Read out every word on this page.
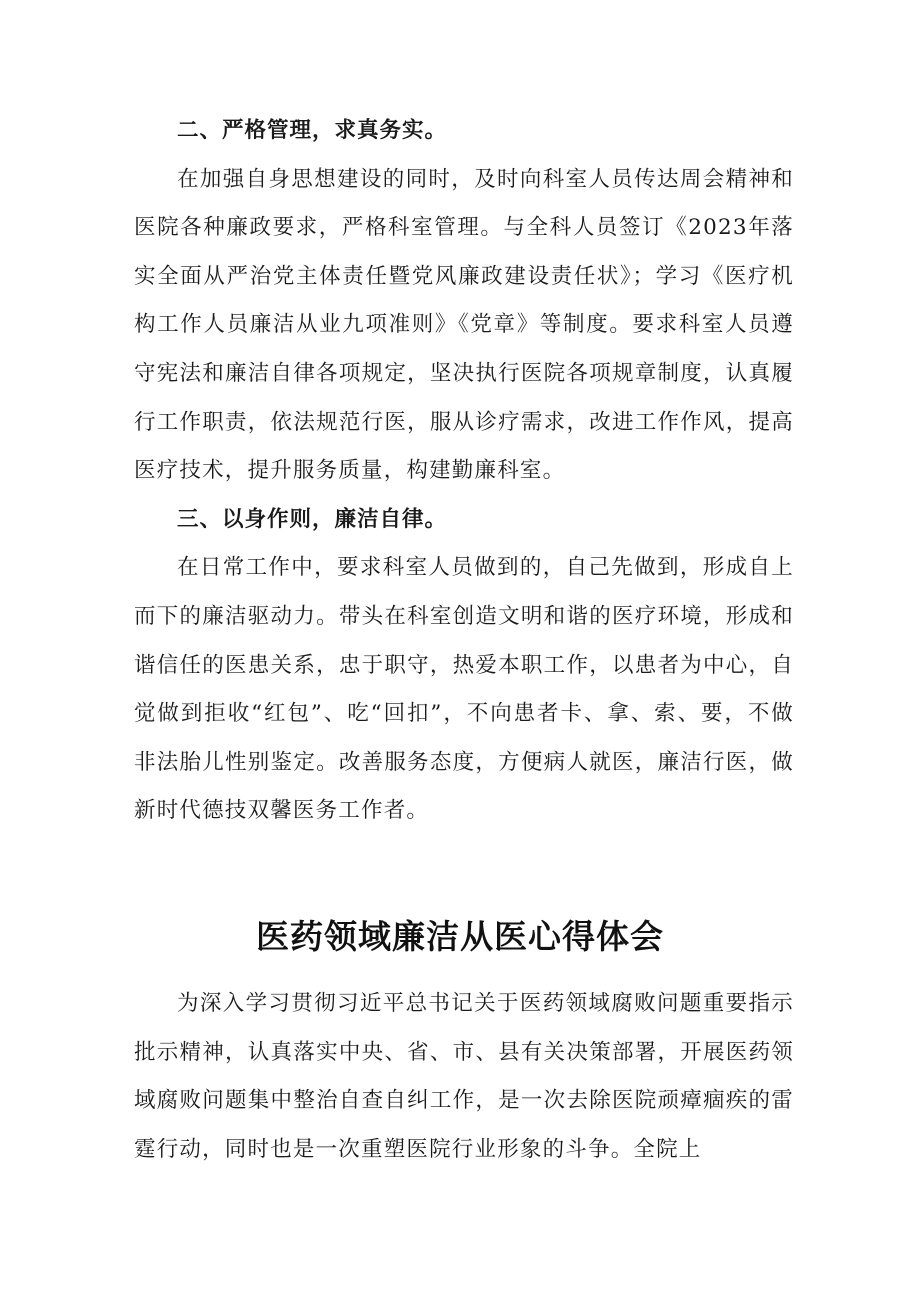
二、严格管理，求真务实。

在加强自身思想建设的同时，及时向科室人员传达周会精神和医院各种廉政要求，严格科室管理。与全科人员签订《2023年落实全面从严治党主体责任暨党风廉政建设责任状》；学习《医疗机构工作人员廉洁从业九项准则》《党章》等制度。要求科室人员遵守宪法和廉洁自律各项规定，坚决执行医院各项规章制度，认真履行工作职责，依法规范行医，服从诊疗需求，改进工作作风，提高医疗技术，提升服务质量，构建勤廉科室。

三、以身作则，廉洁自律。

在日常工作中，要求科室人员做到的，自己先做到，形成自上而下的廉洁驱动力。带头在科室创造文明和谐的医疗环境，形成和谐信任的医患关系，忠于职守，热爱本职工作，以患者为中心，自觉做到拒收“红包”、吃“回扣”，不向患者卡、拿、索、要，不做非法胎儿性别鉴定。改善服务态度，方便病人就医，廉洁行医，做新时代德技双馨医务工作者。

医药领域廉洁从医心得体会

为深入学习贯彻习近平总书记关于医药领域腐败问题重要指示批示精神，认真落实中央、省、市、县有关决策部署，开展医药领域腐败问题集中整治自查自纠工作，是一次去除医院顽瘴痼疾的雷霆行动，同时也是一次重塑医院行业形象的斗争。全院上
